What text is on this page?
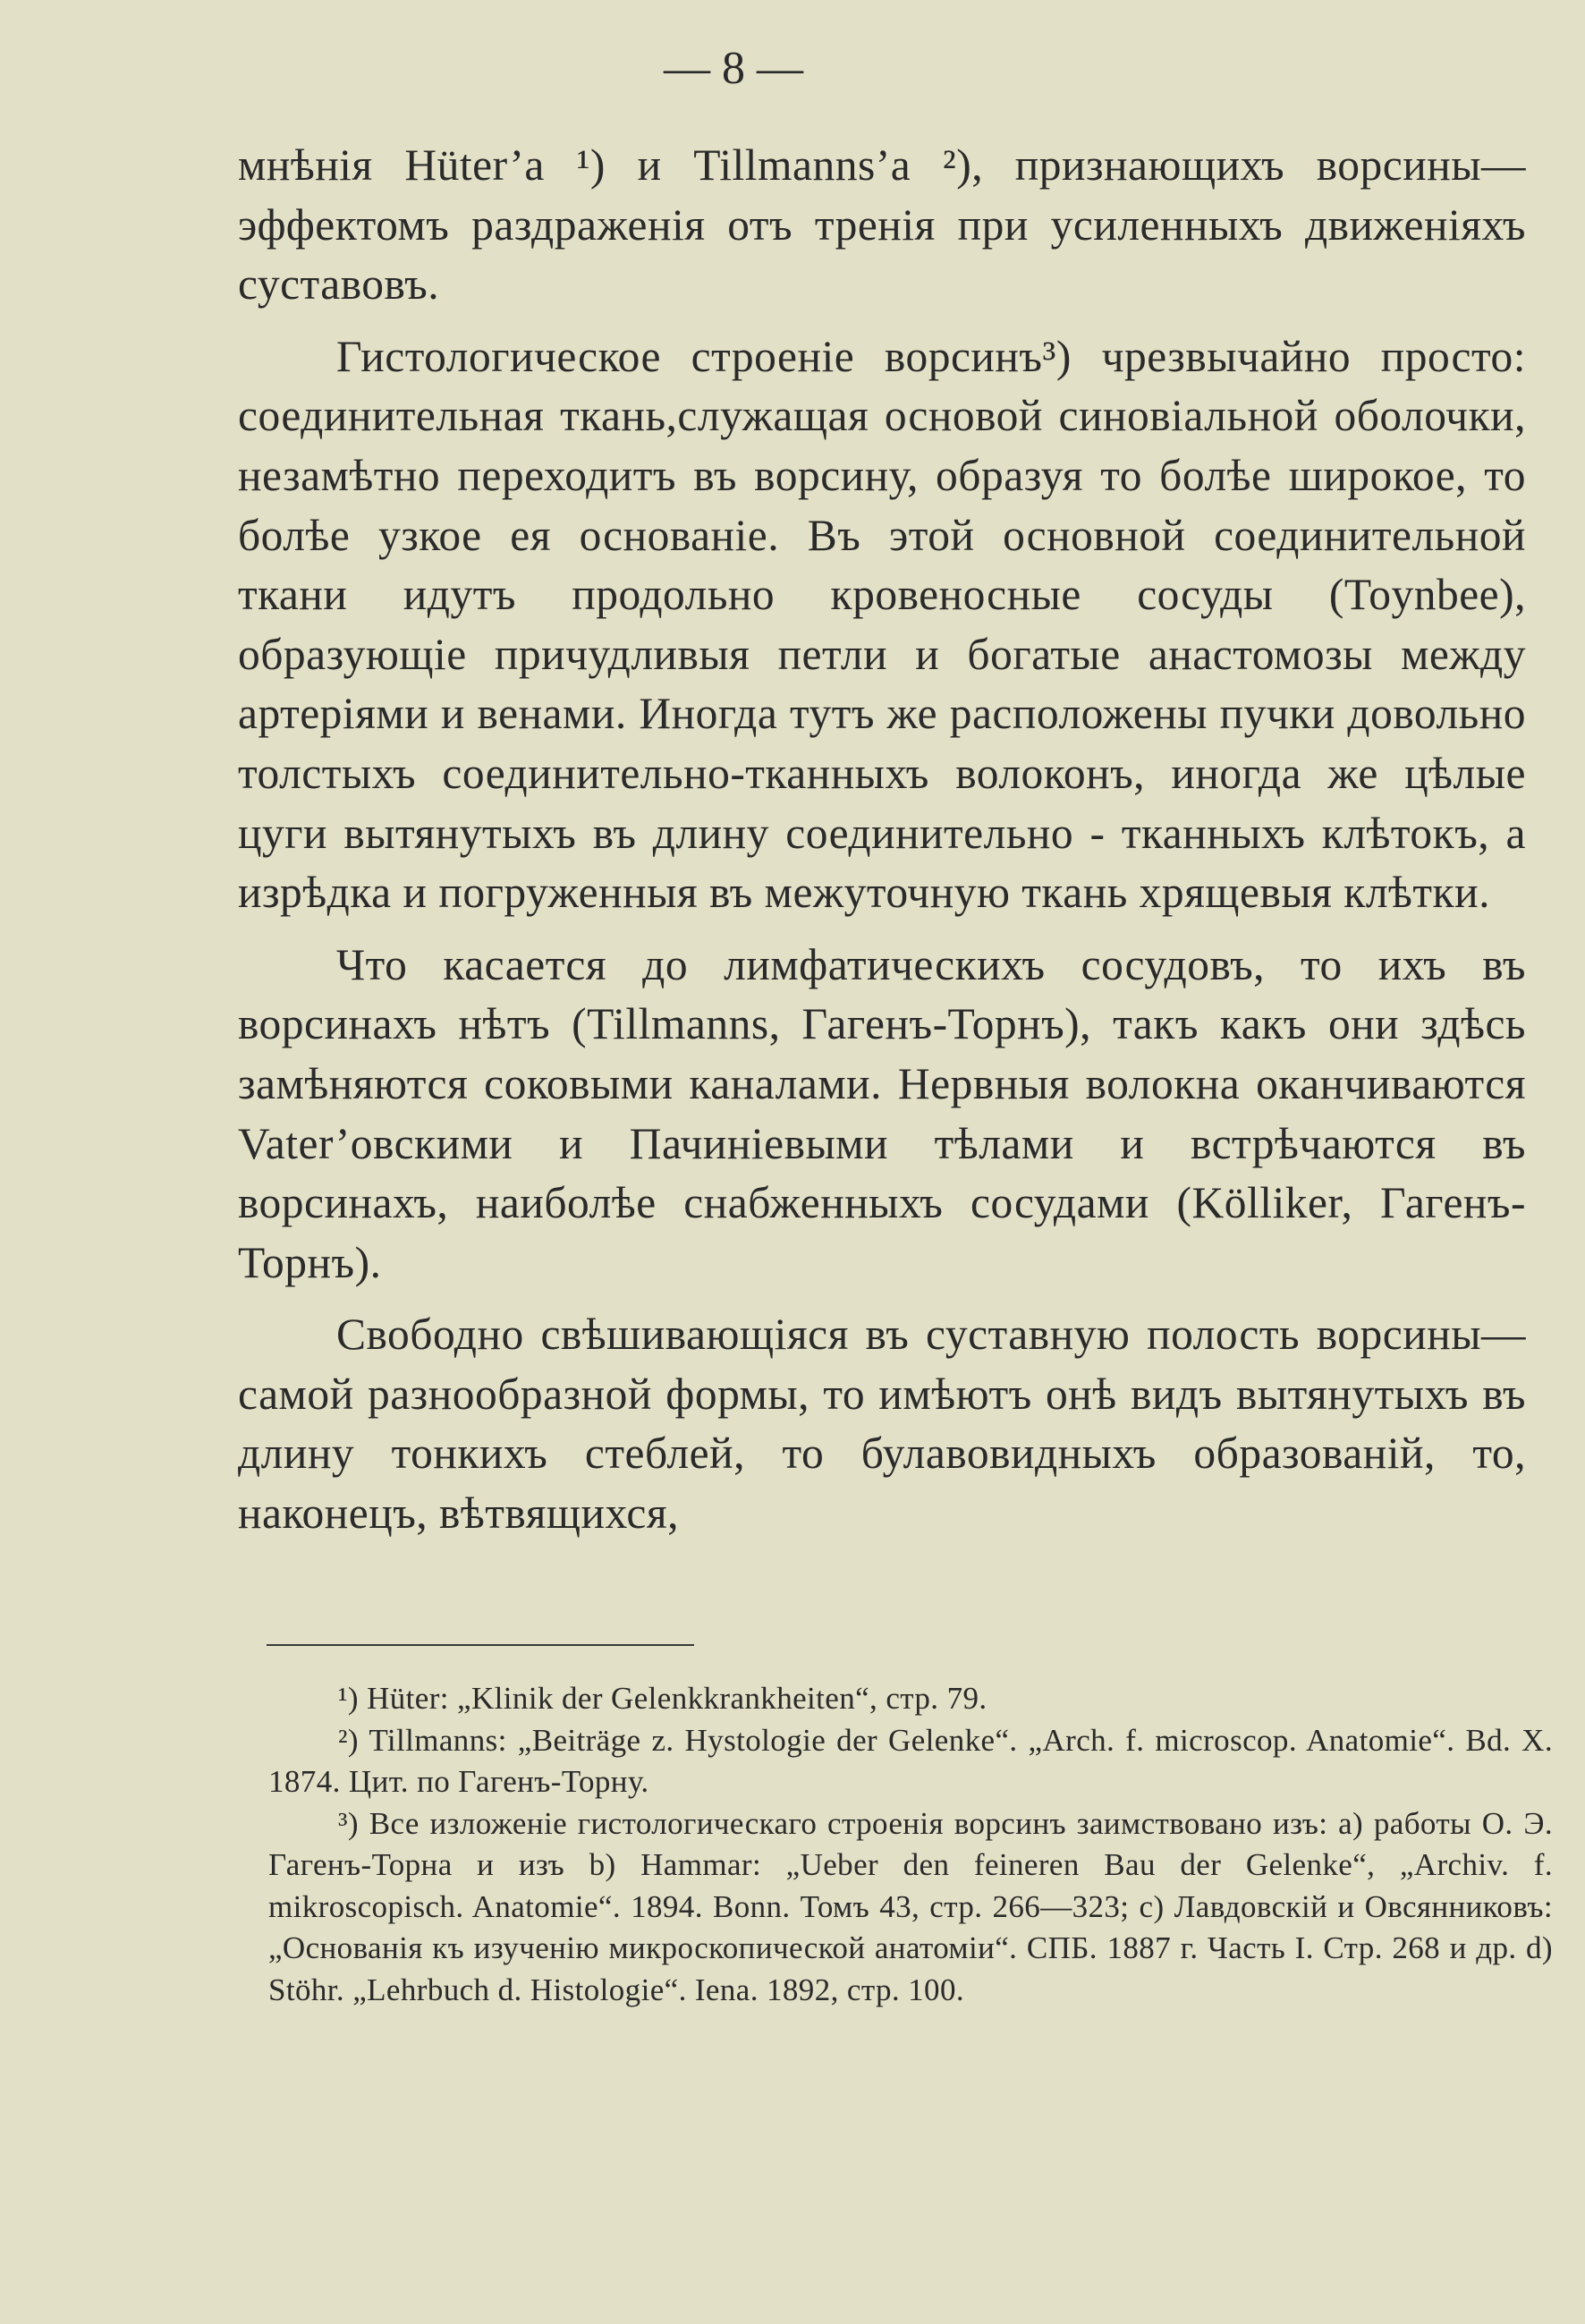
— 8 —

мнѣнія Hüter’a ¹) и Tillmanns’a ²), признающихъ ворсины—эффектомъ раздраженія отъ тренія при усиленныхъ движеніяхъ суставовъ.

Гистологическое строеніе ворсинъ³) чрезвычайно просто: соединительная ткань,служащая основой синовіальной оболочки, незамѣтно переходитъ въ ворсину, образуя то болѣе широкое, то болѣе узкое ея основаніе. Въ этой основной соединительной ткани идутъ продольно кровеносные сосуды (Toynbee), образующіе причудливыя петли и богатые анастомозы между артеріями и венами. Иногда тутъ же расположены пучки довольно толстыхъ соединительно-тканныхъ волоконъ, иногда же цѣлые цуги вытянутыхъ въ длину соединительно - тканныхъ клѣтокъ, а изрѣдка и погруженныя въ межуточную ткань хрящевыя клѣтки.

Что касается до лимфатическихъ сосудовъ, то ихъ въ ворсинахъ нѣтъ (Tillmanns, Гагенъ-Торнъ), такъ какъ они здѣсь замѣняются соковыми каналами. Нервныя волокна оканчиваются Vater’овскими и Пачиніевыми тѣлами и встрѣчаются въ ворсинахъ, наиболѣе снабженныхъ сосудами (Kölliker, Гагенъ-Торнъ).

Свободно свѣшивающіяся въ суставную полость ворсины—самой разнообразной формы, то имѣютъ онѣ видъ вытянутыхъ въ длину тонкихъ стеблей, то булавовидныхъ образованій, то, наконецъ, вѣтвящихся,

¹) Hüter: „Klinik der Gelenkkrankheiten“, стр. 79.

²) Tillmanns: „Beiträge z. Hystologie der Gelenke“. „Arch. f. microscop. Anatomie“. Bd. X. 1874. Цит. по Гагенъ-Торну.

³) Все изложеніе гистологическаго строенія ворсинъ заимствовано изъ: a) работы О. Э. Гагенъ-Торна и изъ b) Hammar: „Ueber den feineren Bau der Gelenke“, „Archiv. f. mikroscopisch. Anatomie“. 1894. Bonn. Томъ 43, стр. 266—323; c) Лавдовскій и Овсянниковъ: „Основанія къ изученію микроскопической анатоміи“. СПБ. 1887 г. Часть I. Стр. 268 и др. d) Stöhr. „Lehrbuch d. Histologie“. Iena. 1892, стр. 100.
